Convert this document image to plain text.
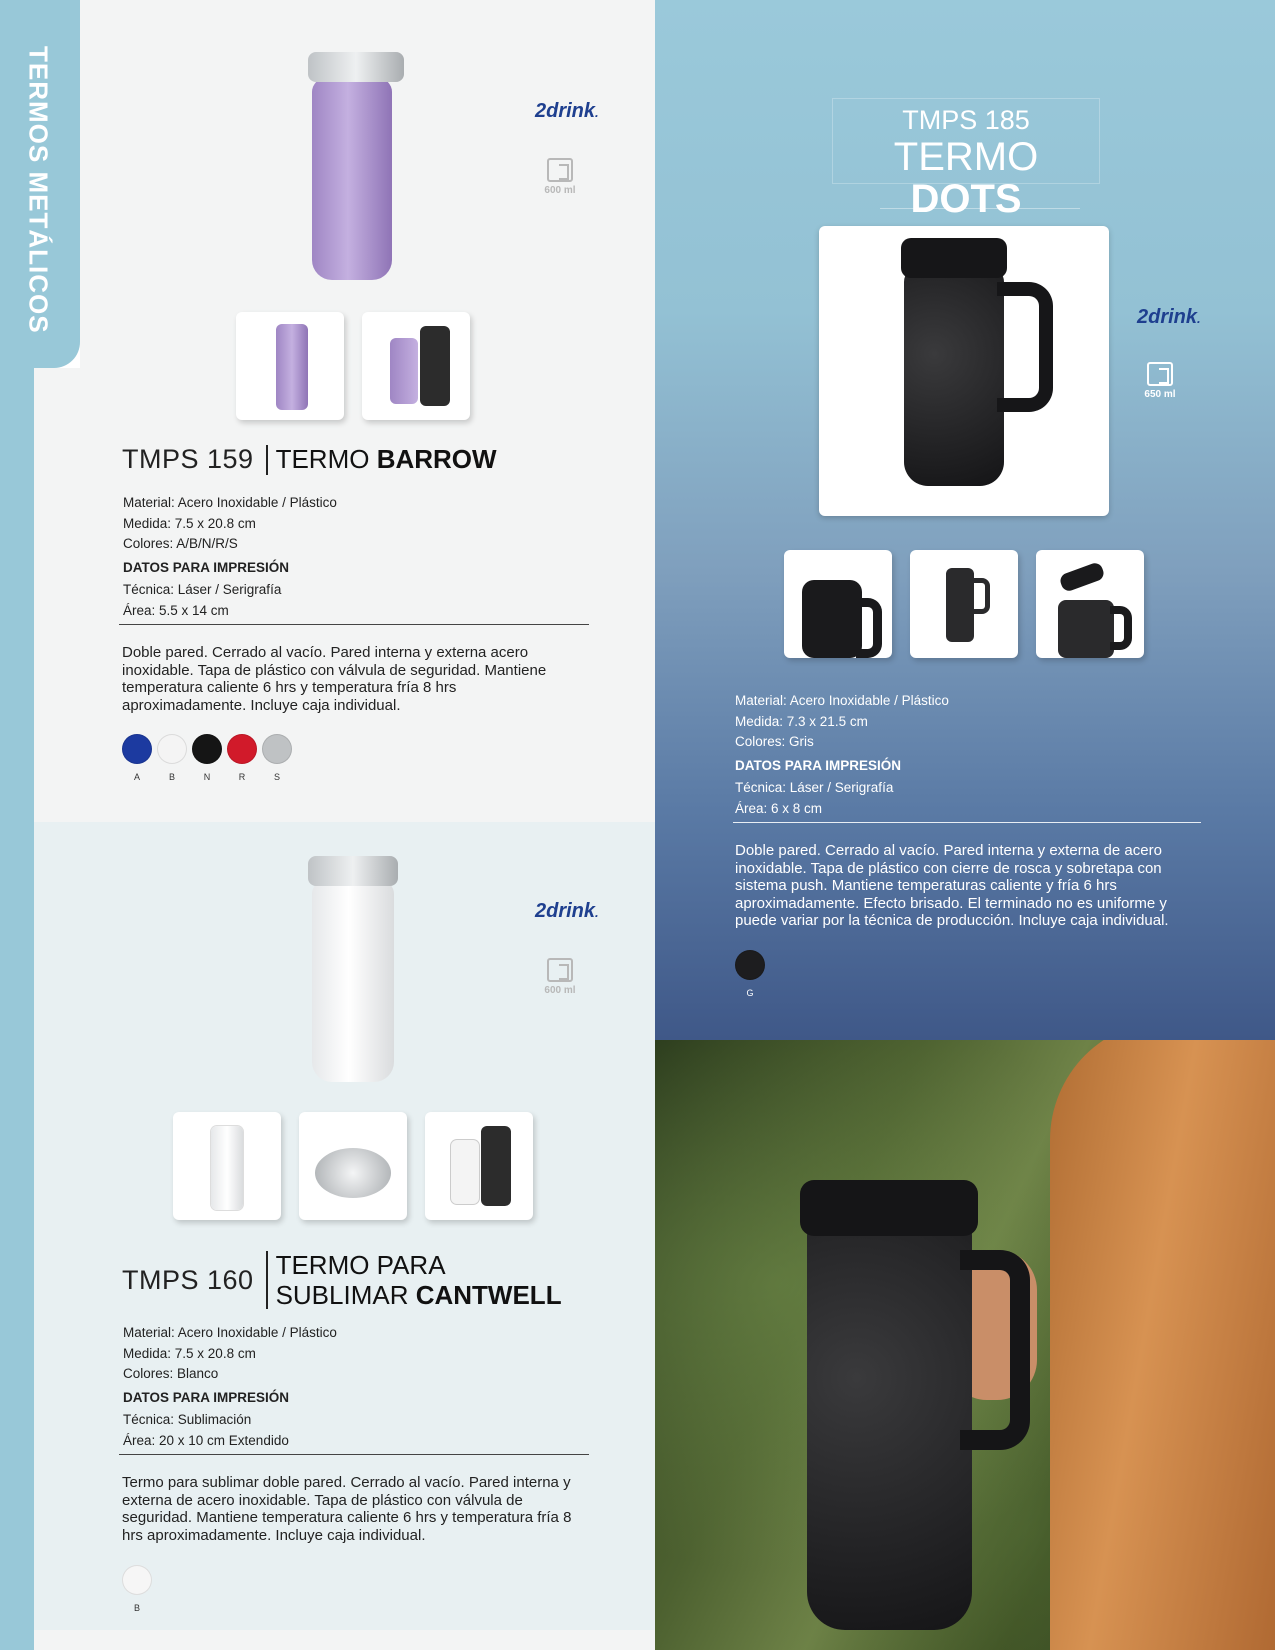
TERMOS METÁLICOS	2drink.
600 ml
TMPS 159 TERMO BARROW
Material: Acero Inoxidable / Plástico
Medida: 7.5 x 20.8 cm
Colores: A/B/N/R/S
DATOS PARA IMPRESIÓN
Técnica: Láser / Serigrafía
Área: 5.5 x 14 cm
Doble pared. Cerrado al vacío. Pared interna y externa acero inoxidable. Tapa de plástico con válvula de seguridad. Mantiene temperatura caliente 6 hrs y temperatura fría 8 hrs aproximadamente. Incluye caja individual.
A	B	N	R	S
2drink.
600 ml
TMPS 160 TERMO PARA
SUBLIMAR CANTWELL
Material: Acero Inoxidable / Plástico
Medida: 7.5 x 20.8 cm
Colores: Blanco
DATOS PARA IMPRESIÓN
Técnica: Sublimación
Área: 20 x 10 cm Extendido
Termo para sublimar doble pared. Cerrado al vacío. Pared interna y externa de acero inoxidable. Tapa de plástico con válvula de seguridad. Mantiene temperatura caliente 6 hrs y temperatura fría 8 hrs aproximadamente. Incluye caja individual.
B
TMPS 185
TERMO DOTS
2drink.
650 ml
Material: Acero Inoxidable / Plástico
Medida: 7.3 x 21.5 cm
Colores: Gris
DATOS PARA IMPRESIÓN
Técnica: Láser / Serigrafía
Área: 6 x 8 cm
Doble pared. Cerrado al vacío. Pared interna y externa de acero inoxidable. Tapa de plástico con cierre de rosca y sobretapa con sistema push. Mantiene temperaturas caliente y fría 6 hrs aproximadamente. Efecto brisado. El terminado no es uniforme y puede variar por la técnica de producción. Incluye caja individual.
G
